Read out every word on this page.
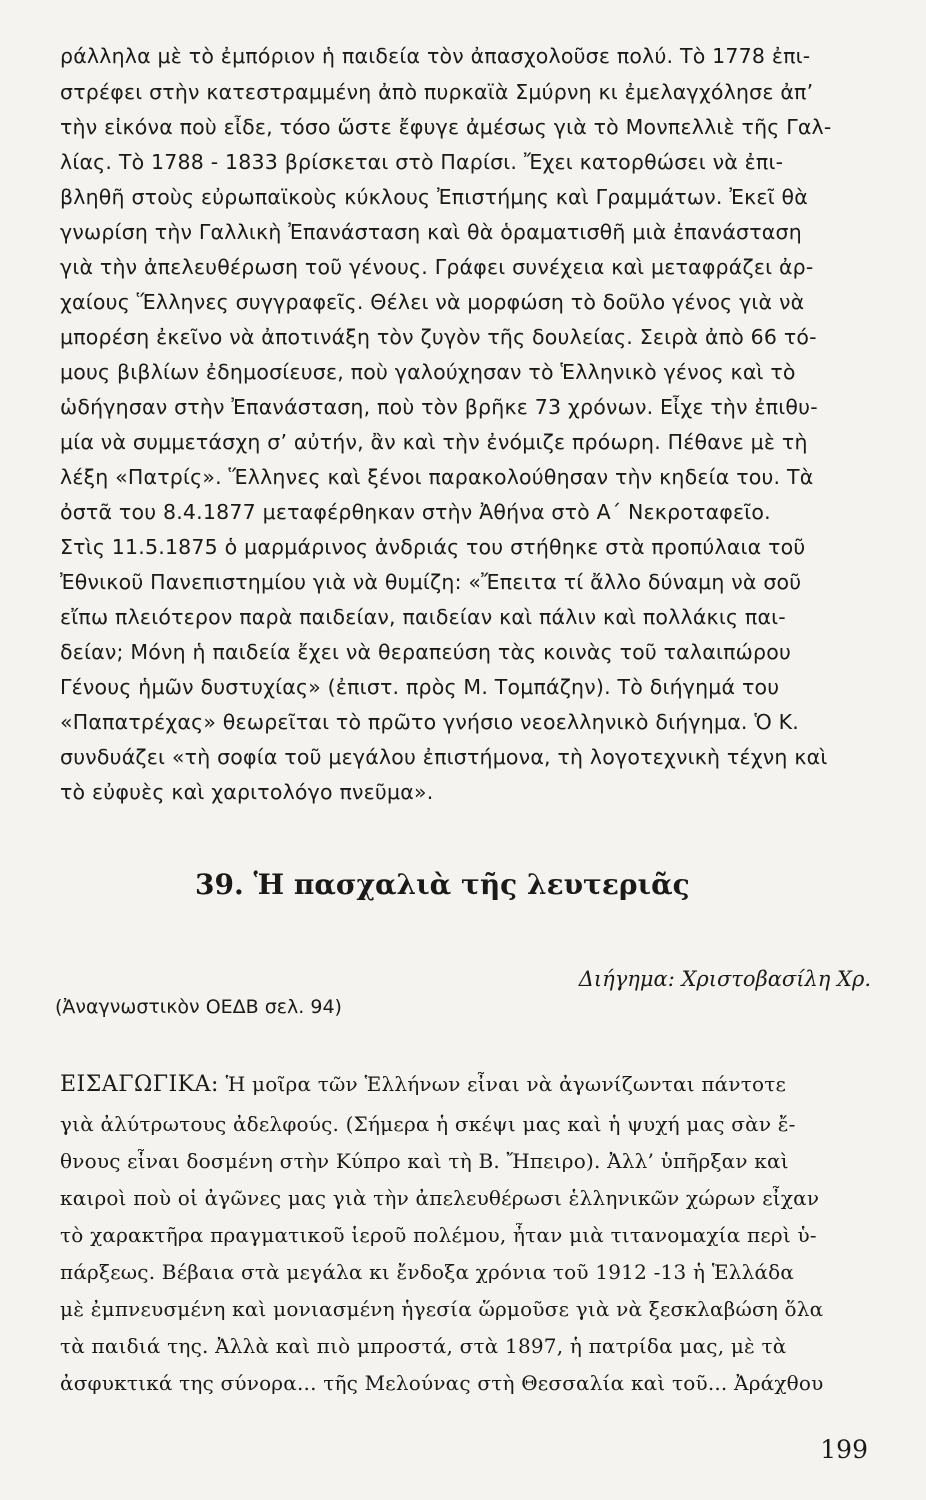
ράλληλα μὲ τὸ ἐμπόριον ἡ παιδεία τὸν ἀπασχολοῦσε πολύ. Τὸ 1778 ἐπι-
στρέφει στὴν κατεστραμμένη ἀπὸ πυρκαϊὰ Σμύρνη κι ἐμελαγχόλησε ἀπ’
τὴν εἰκόνα ποὺ εἶδε, τόσο ὥστε ἔφυγε ἀμέσως γιὰ τὸ Μονπελλιὲ τῆς Γαλ-
λίας. Τὸ 1788 - 1833 βρίσκεται στὸ Παρίσι. Ἔχει κατορθώσει νὰ ἐπι-
βληθῆ στοὺς εὐρωπαϊκοὺς κύκλους Ἐπιστήμης καὶ Γραμμάτων. Ἐκεῖ θὰ
γνωρίση τὴν Γαλλικὴ Ἐπανάσταση καὶ θὰ ὁραματισθῆ μιὰ ἐπανάσταση
γιὰ τὴν ἀπελευθέρωση τοῦ γένους. Γράφει συνέχεια καὶ μεταφράζει ἀρ-
χαίους Ἕλληνες συγγραφεῖς. Θέλει νὰ μορφώση τὸ δοῦλο γένος γιὰ νὰ
μπορέση ἐκεῖνο νὰ ἀποτινάξη τὸν ζυγὸν τῆς δουλείας. Σειρὰ ἀπὸ 66 τό-
μους βιβλίων ἐδημοσίευσε, ποὺ γαλούχησαν τὸ Ἑλληνικὸ γένος καὶ τὸ
ὡδήγησαν στὴν Ἐπανάσταση, ποὺ τὸν βρῆκε 73 χρόνων. Εἶχε τὴν ἐπιθυ-
μία νὰ συμμετάσχη σ’ αὐτήν, ἂν καὶ τὴν ἐνόμιζε πρόωρη. Πέθανε μὲ τὴ
λέξη «Πατρίς». Ἕλληνες καὶ ξένοι παρακολούθησαν τὴν κηδεία του. Τὰ
ὀστᾶ του 8.4.1877 μεταφέρθηκαν στὴν Ἀθήνα στὸ Α΄ Νεκροταφεῖο.
Στὶς 11.5.1875 ὁ μαρμάρινος ἀνδριάς του στήθηκε στὰ προπύλαια τοῦ
Ἐθνικοῦ Πανεπιστημίου γιὰ νὰ θυμίζη: «Ἔπειτα τί ἄλλο δύναμη νὰ σοῦ
εἴπω πλειότερον παρὰ παιδείαν, παιδείαν καὶ πάλιν καὶ πολλάκις παι-
δείαν; Μόνη ἡ παιδεία ἔχει νὰ θεραπεύση τὰς κοινὰς τοῦ ταλαιπώρου
Γένους ἡμῶν δυστυχίας» (ἐπιστ. πρὸς Μ. Τομπάζην). Τὸ διήγημά του
«Παπατρέχας» θεωρεῖται τὸ πρῶτο γνήσιο νεοελληνικὸ διήγημα. Ὁ Κ.
συνδυάζει «τὴ σοφία τοῦ μεγάλου ἐπιστήμονα, τὴ λογοτεχνικὴ τέχνη καὶ
τὸ εὐφυὲς καὶ χαριτολόγο πνεῦμα».
39. Ἡ πασχαλιὰ τῆς λευτεριᾶς
Διήγημα: Χριστοβασίλη Χρ.
(Ἀναγνωστικὸν ΟΕΔΒ σελ. 94)
ΕΙΣΑΓΩΓΙΚΑ: Ἡ μοῖρα τῶν Ἑλλήνων εἶναι νὰ ἀγωνίζωνται πάντοτε
γιὰ ἀλύτρωτους ἀδελφούς. (Σήμερα ἡ σκέψι μας καὶ ἡ ψυχή μας σὰν ἔ-
θνους εἶναι δοσμένη στὴν Κύπρο καὶ τὴ Β. Ἤπειρο). Ἀλλ’ ὑπῆρξαν καὶ
καιροὶ ποὺ οἱ ἀγῶνες μας γιὰ τὴν ἀπελευθέρωσι ἑλληνικῶν χώρων εἶχαν
τὸ χαρακτῆρα πραγματικοῦ ἱεροῦ πολέμου, ἦταν μιὰ τιτανομαχία περὶ ὑ-
πάρξεως. Βέβαια στὰ μεγάλα κι ἔνδοξα χρόνια τοῦ 1912 -13 ἡ Ἑλλάδα
μὲ ἐμπνευσμένη καὶ μονιασμένη ἡγεσία ὥρμοῦσε γιὰ νὰ ξεσκλαβώση ὅλα
τὰ παιδιά της. Ἀλλὰ καὶ πιὸ μπροστά, στὰ 1897, ἡ πατρίδα μας, μὲ τὰ
ἀσφυκτικά της σύνορα... τῆς Μελούνας στὴ Θεσσαλία καὶ τοῦ... Ἀράχθου
199
